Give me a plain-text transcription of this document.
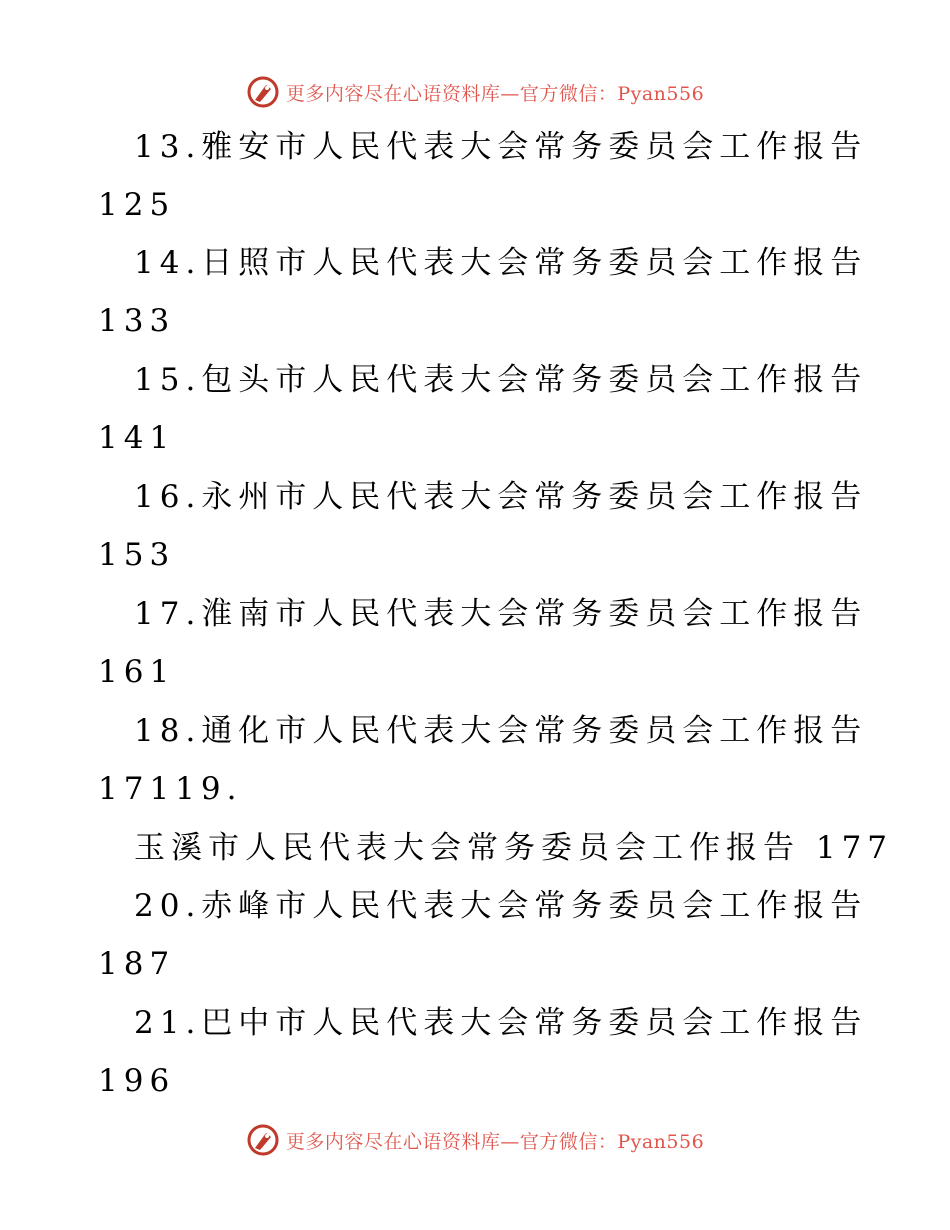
更多内容尽在心语资料库—官方微信：Pyan556
13.雅安市人民代表大会常务委员会工作报告
125
14.日照市人民代表大会常务委员会工作报告
133
15.包头市人民代表大会常务委员会工作报告
141
16.永州市人民代表大会常务委员会工作报告
153
17.淮南市人民代表大会常务委员会工作报告
161
18.通化市人民代表大会常务委员会工作报告
17119.
玉溪市人民代表大会常务委员会工作报告 177
20.赤峰市人民代表大会常务委员会工作报告
187
21.巴中市人民代表大会常务委员会工作报告
196
更多内容尽在心语资料库—官方微信：Pyan556
